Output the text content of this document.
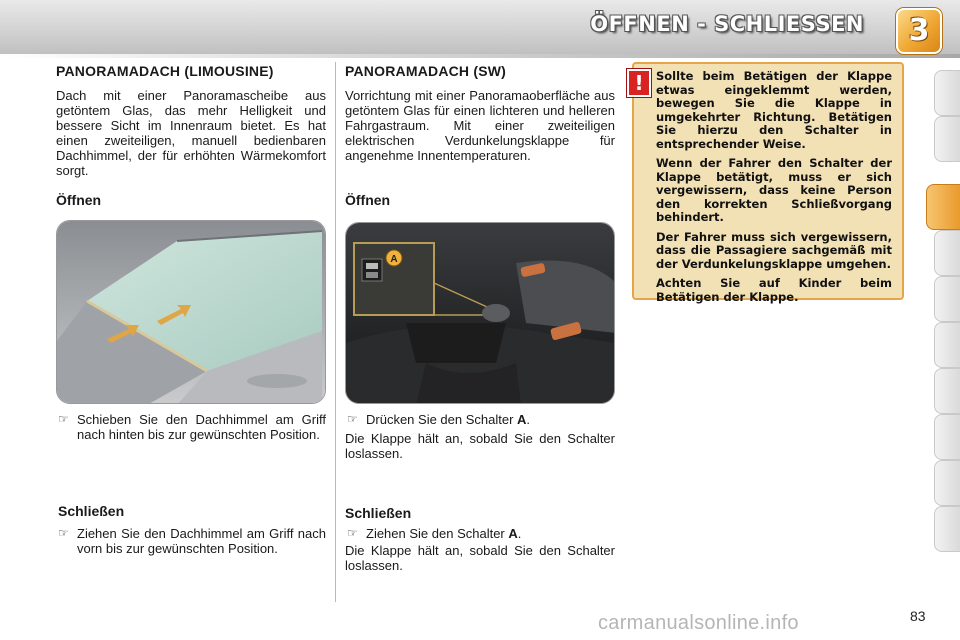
ÖFFNEN - SCHLIESSEN	3
PANORAMADACH (LIMOUSINE)
Dach mit einer Panoramascheibe aus getöntem Glas, das mehr Helligkeit und bessere Sicht im Innenraum bietet. Es hat einen zweiteiligen, manuell bedienbaren Dachhimmel, der für erhöhten Wärmekomfort sorgt.
Öffnen
☞ Schieben Sie den Dachhimmel am Griff nach hinten bis zur gewünschten Position.
Schließen
☞ Ziehen Sie den Dachhimmel am Griff nach vorn bis zur gewünschten Position.
PANORAMADACH (SW)
Vorrichtung mit einer Panoramaoberfläche aus getöntem Glas für einen lichteren und helleren Fahrgastraum. Mit einer zweiteiligen elektrischen Verdunkelungsklappe für angenehme Innentemperaturen.
Öffnen
A
☞ Drücken Sie den Schalter A.
Die Klappe hält an, sobald Sie den Schalter loslassen.
Schließen
☞ Ziehen Sie den Schalter A.
Die Klappe hält an, sobald Sie den Schalter loslassen.

Sollte beim Betätigen der Klappe etwas eingeklemmt werden, bewegen Sie die Klappe in umgekehrter Richtung. Betätigen Sie hierzu den Schalter in entsprechender Weise.

Wenn der Fahrer den Schalter der Klappe betätigt, muss er sich vergewissern, dass keine Person den korrekten Schließvorgang behindert.

Der Fahrer muss sich vergewissern, dass die Passagiere sachgemäß mit der Verdunkelungsklappe umgehen.

Achten Sie auf Kinder beim Betätigen der Klappe.

!
carmanualsonline.info	83
